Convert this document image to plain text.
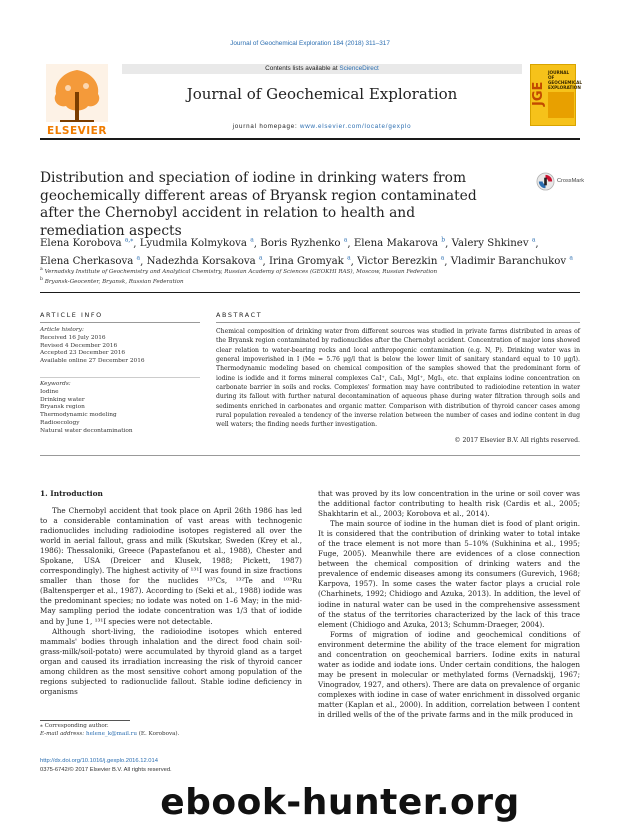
Journal of Geochemical Exploration 184 (2018) 311–317
ELSEVIER
Contents lists available at ScienceDirect
Journal of Geochemical Exploration
journal homepage: www.elsevier.com/locate/gexplo
JGE
JOURNAL OF GEOCHEMICAL EXPLORATION
Distribution and speciation of iodine in drinking waters from geochemically different areas of Bryansk region contaminated after the Chernobyl accident in relation to health and remediation aspects
CrossMark
Elena Korobova $^{a,⁎}$, Lyudmila Kolmykova $^a$, Boris Ryzhenko $^a$, Elena Makarova $^b$, Valery Shkinev $^a$,
Elena Cherkasova $^a$, Nadezhda Korsakova $^a$, Irina Gromyak $^a$, Victor Berezkin $^a$, Vladimir Baranchukov $^a$
$^a$ Vernadsky Institute of Geochemistry and Analytical Chemistry, Russian Academy of Sciences (GEOKHI RAS), Moscow, Russian Federation
$^b$ Bryansk-Geocenter, Bryansk, Russian Federation
ARTICLE INFO
Article history:
Received 16 July 2016
Revised 4 December 2016
Accepted 23 December 2016
Available online 27 December 2016
Keywords:
Iodine
Drinking water
Bryansk region
Thermodynamic modeling
Radioecology
Natural water decontamination
ABSTRACT
Chemical composition of drinking water from different sources was studied in private farms distributed in areas of the Bryansk region contaminated by radionuclides after the Chernobyl accident. Concentration of major ions showed clear relation to water-bearing rocks and local anthropogenic contamination (e.g. N, P). Drinking water was in general impoverished in I (Me = 5.76 μg/l that is below the lower limit of sanitary standard equal to 10 μg/l). Thermodynamic modeling based on chemical composition of the samples showed that the predominant form of iodine is iodide and it forms mineral complexes CaI⁺, CaI₂, MgI⁺, MgI₂, etc. that explains iodine concentration on carbonate barrier in soils and rocks. Complexes' formation may have contributed to radioiodine retention in water during its fallout with further natural decontamination of aqueous phase during water filtration through soils and sediments enriched in carbonates and organic matter. Comparison with distribution of thyroid cancer cases among rural population revealed a tendency of the inverse relation between the number of cases and iodine content in dug well waters; the finding needs further investigation.
© 2017 Elsevier B.V. All rights reserved.
1. Introduction

The Chernobyl accident that took place on April 26th 1986 has led to a considerable contamination of vast areas with technogenic radionuclides including radioiodine isotopes registered all over the world in aerial fallout, grass and milk (Skutskar, Sweden (Krey et al., 1986): Thessaloniki, Greece (Papastefanou et al., 1988), Chester and Spokane, USA (Dreicer and Klusek, 1988; Pickett, 1987) correspondingly). The highest activity of ¹³¹I was found in size fractions smaller than those for the nuclides ¹³⁷Cs, ¹³²Te and ¹⁰³Ru (Baltensperger et al., 1987). According to (Seki et al., 1988) iodide was the predominant species; no iodate was noted on 1–6 May; in the mid-May sampling period the iodate concentration was 1/3 that of iodide and by June 1, ¹³¹I species were not detectable.

Although short-living, the radioiodine isotopes which entered mammals' bodies through inhalation and the direct food chain soil-grass-milk/soil-potato) were accumulated by thyroid gland as a target organ and caused its irradiation increasing the risk of thyroid cancer among children as the most sensitive cohort among population of the regions subjected to radionuclide fallout. Stable iodine deficiency in organisms

that was proved by its low concentration in the urine or soil cover was the additional factor contributing to health risk (Cardis et al., 2005; Shakhtarin et al., 2003; Korobova et al., 2014).

The main source of iodine in the human diet is food of plant origin. It is considered that the contribution of drinking water to total intake of the trace element is not more than 5–10% (Sukhinina et al., 1995; Fuge, 2005). Meanwhile there are evidences of a close connection between the chemical composition of drinking waters and the prevalence of endemic diseases among its consumers (Gurevich, 1968; Karpova, 1957). In some cases the water factor plays a crucial role (Charhinets, 1992; Chidiogo and Azuka, 2013). In addition, the level of iodine in natural water can be used in the comprehensive assessment of the status of the territories characterized by the lack of this trace element (Chidiogo and Azuka, 2013; Schumm-Draeger, 2004).

Forms of migration of iodine and geochemical conditions of environment determine the ability of the trace element for migration and concentration on geochemical barriers. Iodine exits in natural water as iodide and iodate ions. Under certain conditions, the halogen may be present in molecular or methylated forms (Vernadskij, 1967; Vinogradov, 1927, and others). There are data on prevalence of organic complexes with iodine in case of water enrichment in dissolved organic matter (Kaplan et al., 2000). In addition, correlation between I content in drilled wells of the of the private farms and in the milk produced in

⁎ Corresponding author.
E-mail address: helene_k@mail.ru (E. Korobova).
http://dx.doi.org/10.1016/j.gexplo.2016.12.014
0375-6742/© 2017 Elsevier B.V. All rights reserved.
ebook-hunter.org
